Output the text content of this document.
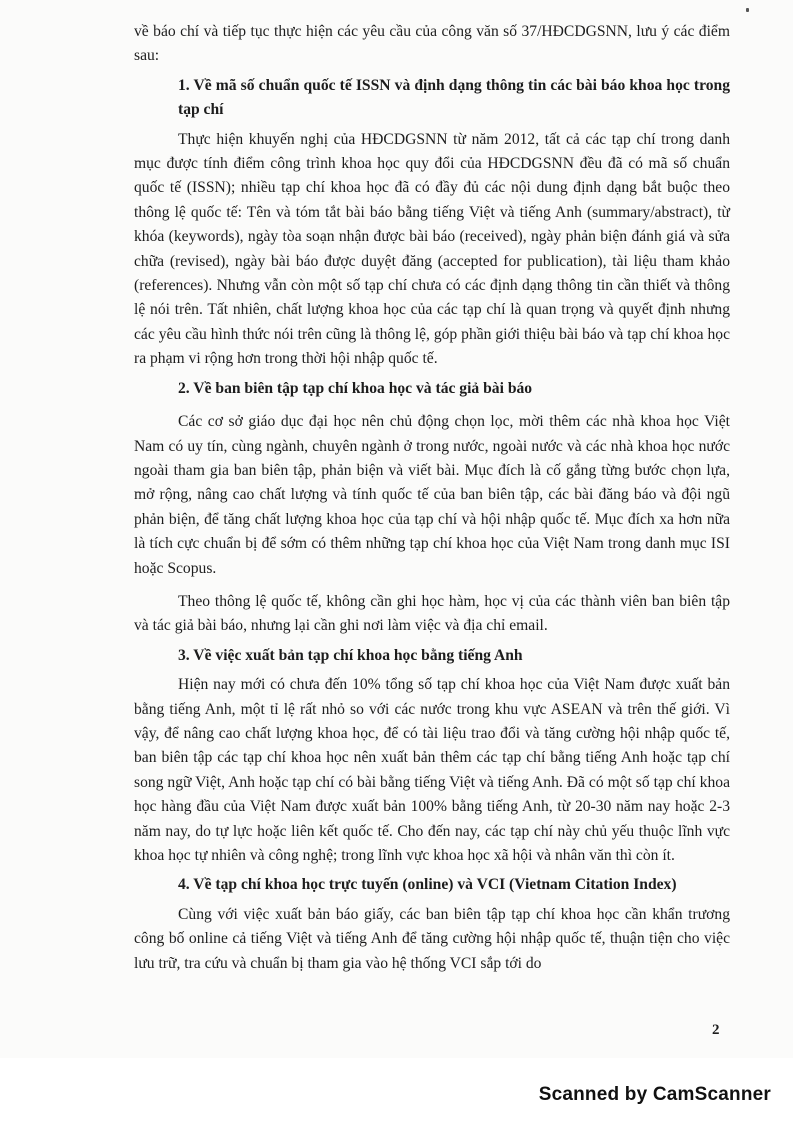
về báo chí và tiếp tục thực hiện các yêu cầu của công văn số 37/HĐCDGSNN, lưu ý các điểm sau:

1. Về mã số chuẩn quốc tế ISSN và định dạng thông tin các bài báo khoa học trong tạp chí

Thực hiện khuyến nghị của HĐCDGSNN từ năm 2012, tất cả các tạp chí trong danh mục được tính điểm công trình khoa học quy đổi của HĐCDGSNN đều đã có mã số chuẩn quốc tế (ISSN); nhiều tạp chí khoa học đã có đầy đủ các nội dung định dạng bắt buộc theo thông lệ quốc tế: Tên và tóm tắt bài báo bằng tiếng Việt và tiếng Anh (summary/abstract), từ khóa (keywords), ngày tòa soạn nhận được bài báo (received), ngày phản biện đánh giá và sửa chữa (revised), ngày bài báo được duyệt đăng (accepted for publication), tài liệu tham khảo (references). Nhưng vẫn còn một số tạp chí chưa có các định dạng thông tin cần thiết và thông lệ nói trên. Tất nhiên, chất lượng khoa học của các tạp chí là quan trọng và quyết định nhưng các yêu cầu hình thức nói trên cũng là thông lệ, góp phần giới thiệu bài báo và tạp chí khoa học ra phạm vi rộng hơn trong thời hội nhập quốc tế.

2. Về ban biên tập tạp chí khoa học và tác giả bài báo

Các cơ sở giáo dục đại học nên chủ động chọn lọc, mời thêm các nhà khoa học Việt Nam có uy tín, cùng ngành, chuyên ngành ở trong nước, ngoài nước và các nhà khoa học nước ngoài tham gia ban biên tập, phản biện và viết bài. Mục đích là cố gắng từng bước chọn lựa, mở rộng, nâng cao chất lượng và tính quốc tế của ban biên tập, các bài đăng báo và đội ngũ phản biện, để tăng chất lượng khoa học của tạp chí và hội nhập quốc tế. Mục đích xa hơn nữa là tích cực chuẩn bị để sớm có thêm những tạp chí khoa học của Việt Nam trong danh mục ISI hoặc Scopus.

Theo thông lệ quốc tế, không cần ghi học hàm, học vị của các thành viên ban biên tập và tác giả bài báo, nhưng lại cần ghi nơi làm việc và địa chỉ email.

3. Về việc xuất bản tạp chí khoa học bằng tiếng Anh

Hiện nay mới có chưa đến 10% tổng số tạp chí khoa học của Việt Nam được xuất bản bằng tiếng Anh, một tỉ lệ rất nhỏ so với các nước trong khu vực ASEAN và trên thế giới. Vì vậy, để nâng cao chất lượng khoa học, để có tài liệu trao đổi và tăng cường hội nhập quốc tế, ban biên tập các tạp chí khoa học nên xuất bản thêm các tạp chí bằng tiếng Anh hoặc tạp chí song ngữ Việt, Anh hoặc tạp chí có bài bằng tiếng Việt và tiếng Anh. Đã có một số tạp chí khoa học hàng đầu của Việt Nam được xuất bản 100% bằng tiếng Anh, từ 20-30 năm nay hoặc 2-3 năm nay, do tự lực hoặc liên kết quốc tế. Cho đến nay, các tạp chí này chủ yếu thuộc lĩnh vực khoa học tự nhiên và công nghệ; trong lĩnh vực khoa học xã hội và nhân văn thì còn ít.

4. Về tạp chí khoa học trực tuyến (online) và VCI (Vietnam Citation Index)

Cùng với việc xuất bản báo giấy, các ban biên tập tạp chí khoa học cần khẩn trương công bố online cả tiếng Việt và tiếng Anh để tăng cường hội nhập quốc tế, thuận tiện cho việc lưu trữ, tra cứu và chuẩn bị tham gia vào hệ thống VCI sắp tới do

2
Scanned by CamScanner
